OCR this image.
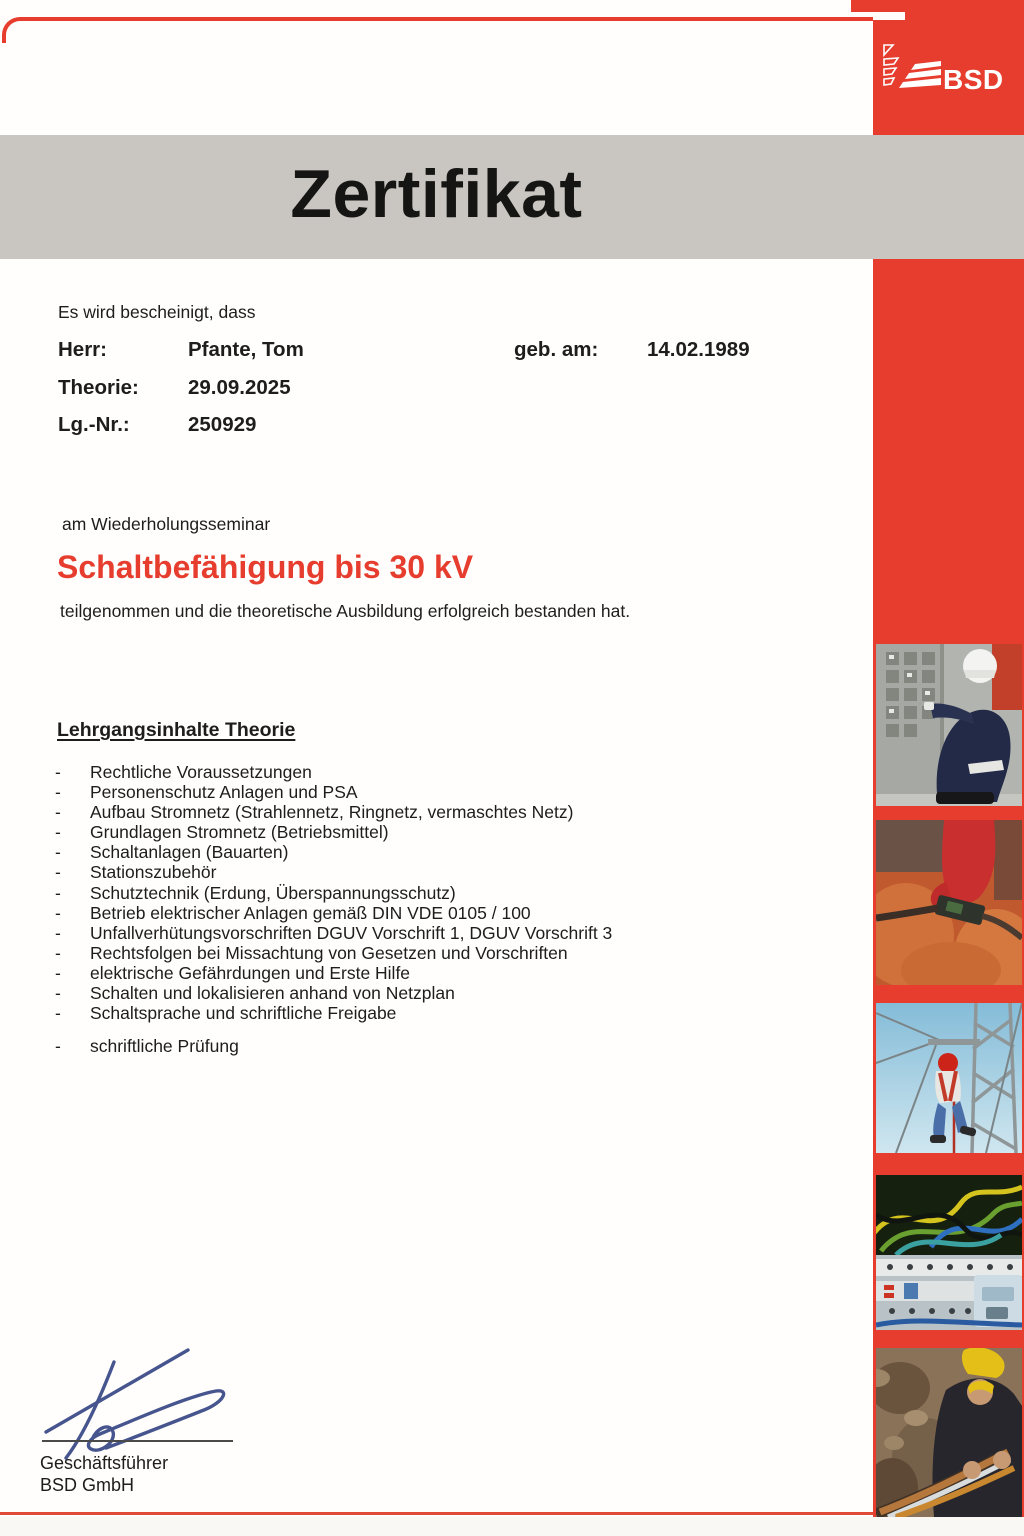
BSD
Zertifikat
Es wird bescheinigt, dass
Herr:	Pfante, Tom	geb. am: 14.02.1989
Theorie: 29.09.2025
Lg.-Nr.:	250929
am Wiederholungsseminar
Schaltbefähigung bis 30 kV
teilgenommen und die theoretische Ausbildung erfolgreich bestanden hat.
Lehrgangsinhalte Theorie
- Rechtliche Voraussetzungen
- Personenschutz Anlagen und PSA
- Aufbau Stromnetz (Strahlennetz, Ringnetz, vermaschtes Netz)
- Grundlagen Stromnetz (Betriebsmittel)
- Schaltanlagen (Bauarten)
- Stationszubehör
- Schutztechnik (Erdung, Überspannungsschutz)
- Betrieb elektrischer Anlagen gemäß DIN VDE 0105 / 100
- Unfallverhütungsvorschriften DGUV Vorschrift 1, DGUV Vorschrift 3
- Rechtsfolgen bei Missachtung von Gesetzen und Vorschriften
- elektrische Gefährdungen und Erste Hilfe
- Schalten und lokalisieren anhand von Netzplan
- Schaltsprache und schriftliche Freigabe
- schriftliche Prüfung
Geschäftsführer
BSD GmbH
